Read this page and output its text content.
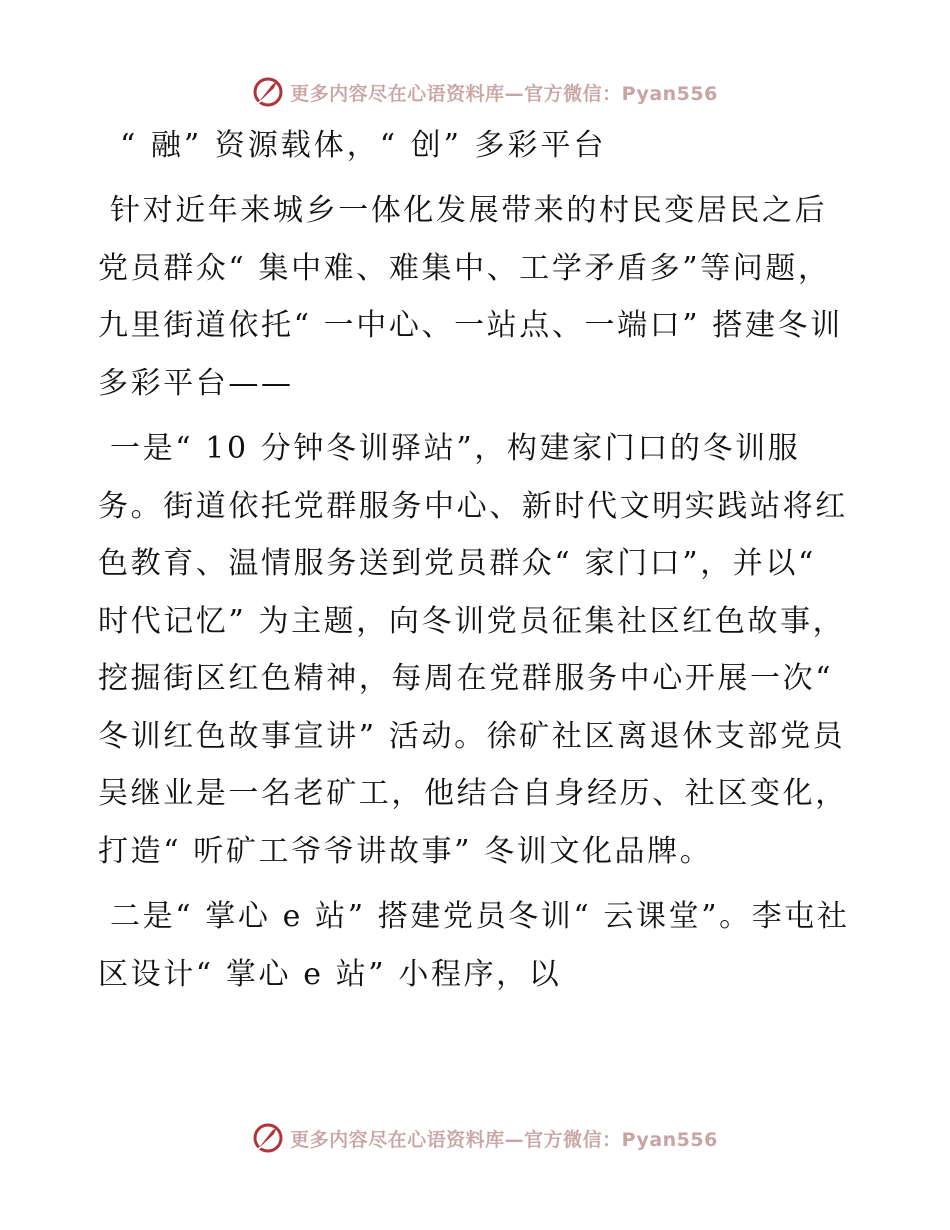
更多内容尽在心语资料库—官方微信：Pyan556
“ 融” 资源载体，“ 创” 多彩平台

针对近年来城乡一体化发展带来的村民变居民之后党员群众“ 集中难、难集中、工学矛盾多”等问题，九里街道依托“ 一中心、一站点、一端口” 搭建冬训多彩平台——

一是“ 10 分钟冬训驿站”，构建家门口的冬训服务。街道依托党群服务中心、新时代文明实践站将红色教育、温情服务送到党员群众“ 家门口”，并以“ 时代记忆” 为主题，向冬训党员征集社区红色故事，挖掘街区红色精神，每周在党群服务中心开展一次“ 冬训红色故事宣讲” 活动。徐矿社区离退休支部党员吴继业是一名老矿工，他结合自身经历、社区变化，打造“ 听矿工爷爷讲故事” 冬训文化品牌。

二是“ 掌心 e 站” 搭建党员冬训“ 云课堂”。李屯社区设计“ 掌心 e 站” 小程序，以

更多内容尽在心语资料库—官方微信：Pyan556
